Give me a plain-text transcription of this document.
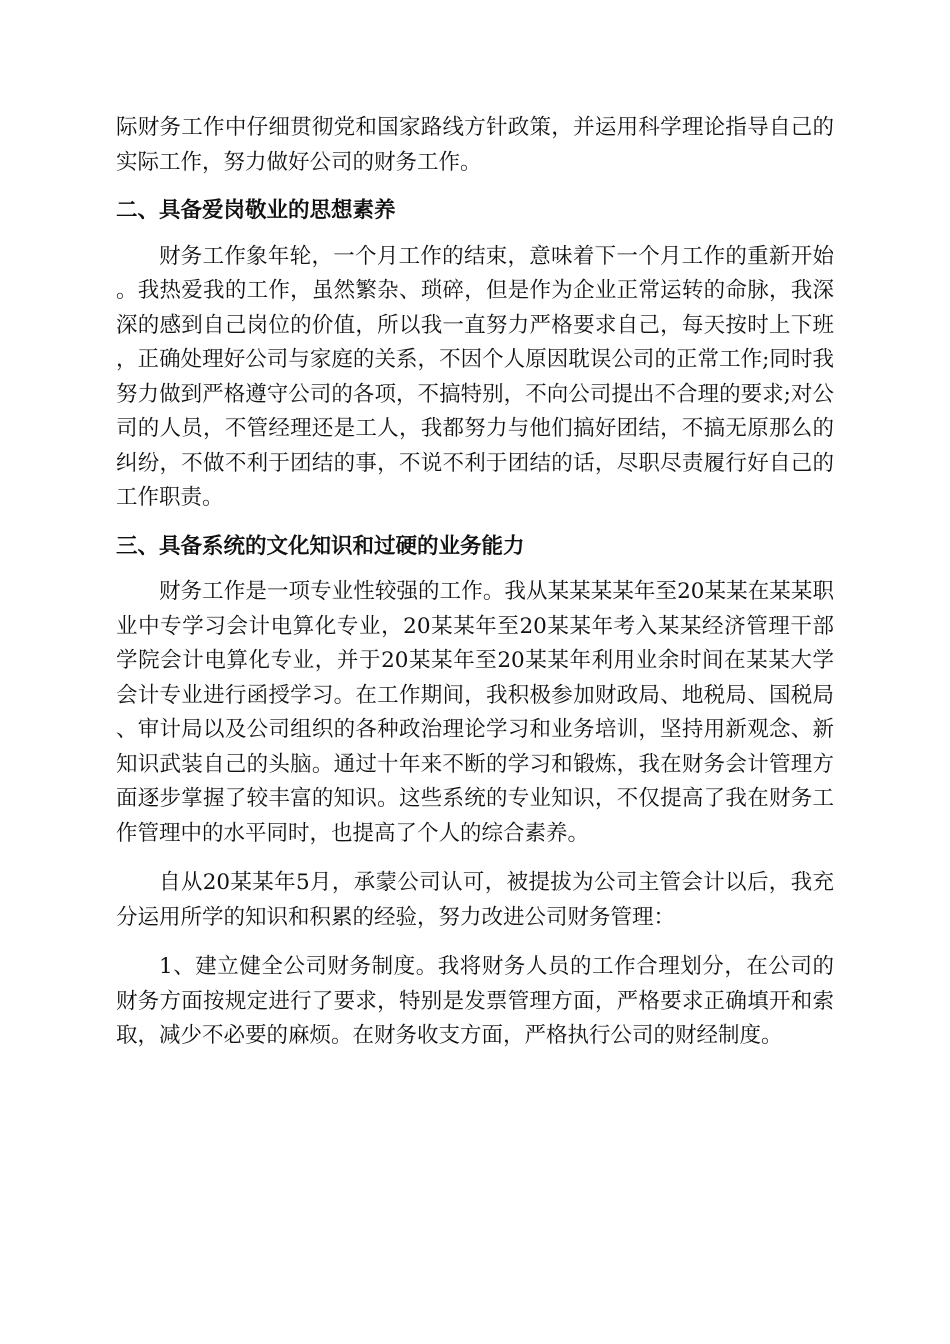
际财务工作中仔细贯彻党和国家路线方针政策，并运用科学理论指导自己的实际工作，努力做好公司的财务工作。

二、具备爱岗敬业的思想素养

财务工作象年轮，一个月工作的结束，意味着下一个月工作的重新开始。我热爱我的工作，虽然繁杂、琐碎，但是作为企业正常运转的命脉，我深深的感到自己岗位的价值，所以我一直努力严格要求自己，每天按时上下班，正确处理好公司与家庭的关系，不因个人原因耽误公司的正常工作;同时我努力做到严格遵守公司的各项，不搞特别，不向公司提出不合理的要求;对公司的人员，不管经理还是工人，我都努力与他们搞好团结，不搞无原那么的纠纷，不做不利于团结的事，不说不利于团结的话，尽职尽责履行好自己的工作职责。

三、具备系统的文化知识和过硬的业务能力

财务工作是一项专业性较强的工作。我从某某某某年至20某某在某某职业中专学习会计电算化专业，20某某年至20某某年考入某某经济管理干部学院会计电算化专业，并于20某某年至20某某年利用业余时间在某某大学会计专业进行函授学习。在工作期间，我积极参加财政局、地税局、国税局、审计局以及公司组织的各种政治理论学习和业务培训，坚持用新观念、新知识武装自己的头脑。通过十年来不断的学习和锻炼，我在财务会计管理方面逐步掌握了较丰富的知识。这些系统的专业知识，不仅提高了我在财务工作管理中的水平同时，也提高了个人的综合素养。

自从20某某年5月，承蒙公司认可，被提拔为公司主管会计以后，我充分运用所学的知识和积累的经验，努力改进公司财务管理：

1、建立健全公司财务制度。我将财务人员的工作合理划分，在公司的财务方面按规定进行了要求，特别是发票管理方面，严格要求正确填开和索取，减少不必要的麻烦。在财务收支方面，严格执行公司的财经制度。
